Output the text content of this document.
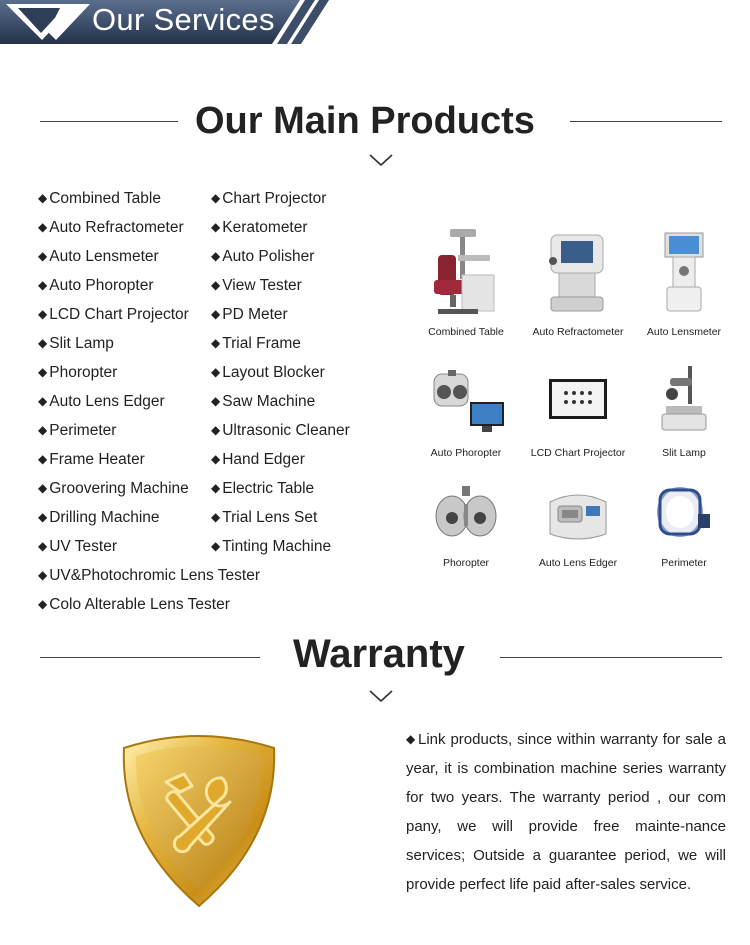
Our Services
Our Main Products
◆ Combined Table
◆ Auto Refractometer
◆ Auto Lensmeter
◆ Auto Phoropter
◆ LCD Chart Projector
◆ Slit Lamp
◆ Phoropter
◆ Auto Lens Edger
◆ Perimeter
◆ Frame Heater
◆ Groovering Machine
◆ Drilling Machine
◆ UV Tester
◆ UV&Photochromic Lens Tester
◆ Colo Alterable Lens Tester
◆ Chart Projector
◆ Keratometer
◆ Auto Polisher
◆ View Tester
◆ PD Meter
◆ Trial Frame
◆ Layout Blocker
◆ Saw Machine
◆ Ultrasonic Cleaner
◆ Hand Edger
◆ Electric Table
◆ Trial Lens Set
◆ Tinting Machine
Combined Table	Auto Refractometer	Auto Lensmeter
Auto Phoropter	LCD Chart Projector	Slit Lamp
Phoropter	Auto Lens Edger	Perimeter
Warranty
◆ Link products, since within warranty for sale a year, it is combination machine series warranty for two years. The warranty period , our com pany, we will provide free mainte-nance services; Outside a guarantee period, we will provide perfect life paid after-sales service.
